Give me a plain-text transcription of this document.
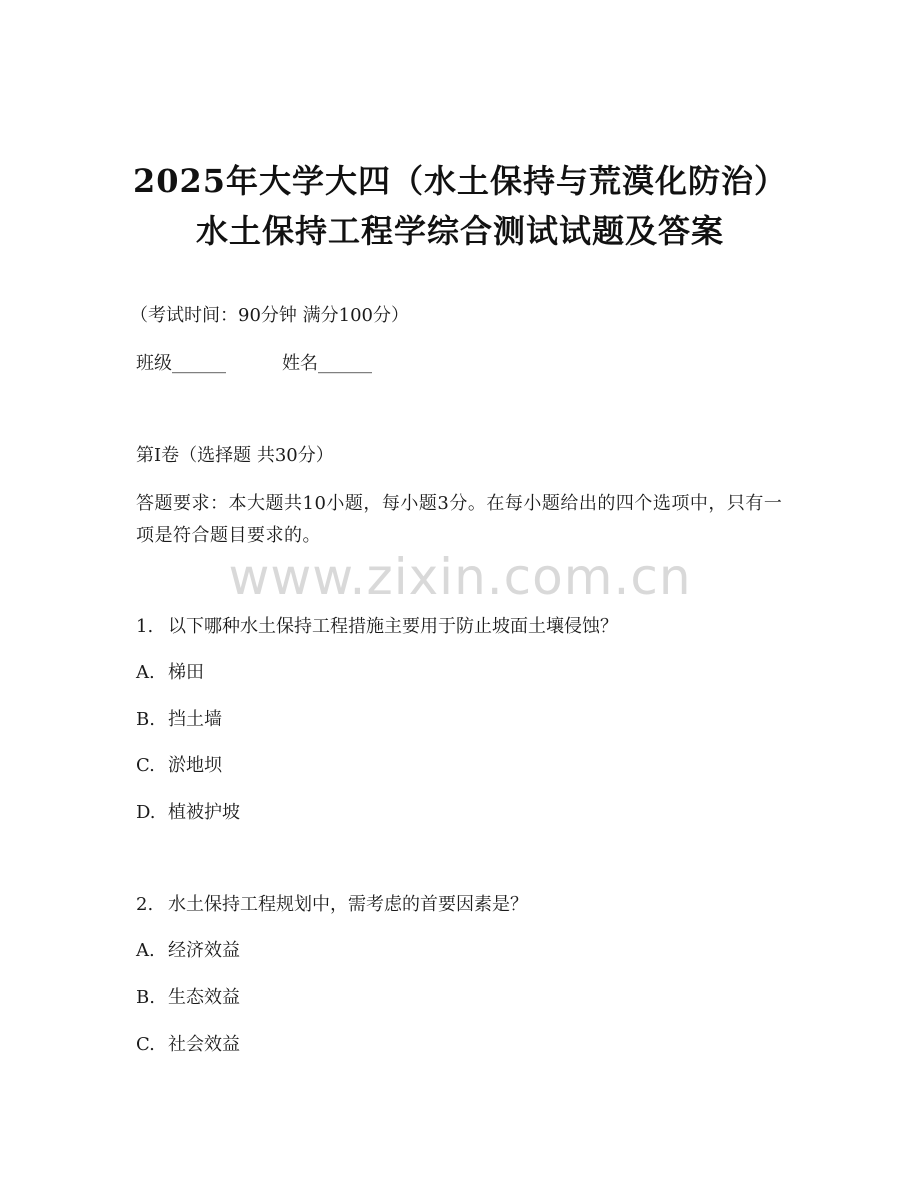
2025年大学大四（水土保持与荒漠化防治）
水土保持工程学综合测试试题及答案
（考试时间：90分钟 满分100分）
班级______	姓名______
第I卷（选择题 共30分）
答题要求：本大题共10小题，每小题3分。在每小题给出的四个选项中，只有一项是符合题目要求的。
www.zixin.com.cn
1. 以下哪种水土保持工程措施主要用于防止坡面土壤侵蚀？
A. 梯田
B. 挡土墙
C. 淤地坝
D. 植被护坡
2. 水土保持工程规划中，需考虑的首要因素是？
A. 经济效益
B. 生态效益
C. 社会效益
